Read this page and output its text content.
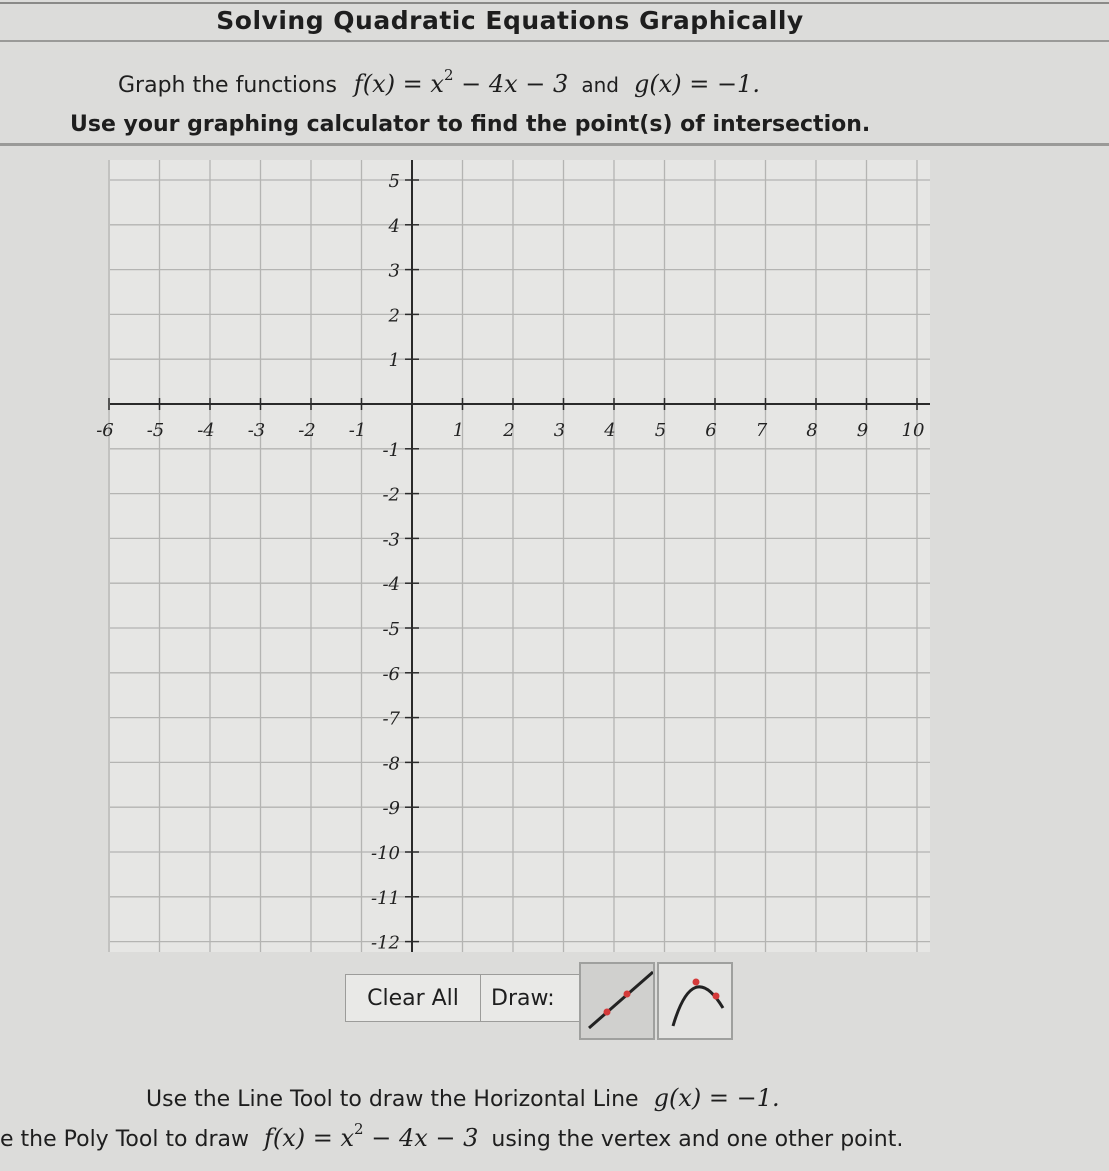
Solving Quadratic Equations Graphically
Graph the functions $f(x) = x^2 - 4x - 3$ and g(x) = −1.
Use your graphing calculator to find the point(s) of intersection.
-6 -5 -4 -3 -2 -1	1 2 3 4 5 6 7 8 9 10
5
4
3
2
1
-1
-2
-3
-4
-5
-6
-7
-8
-9
-10
-11
-12
Clear All	Draw:
Use the Line Tool to draw the Horizontal Line g(x) = −1.
e the Poly Tool to draw $f(x) = x^2 - 4x - 3$ using the vertex and one other point.
